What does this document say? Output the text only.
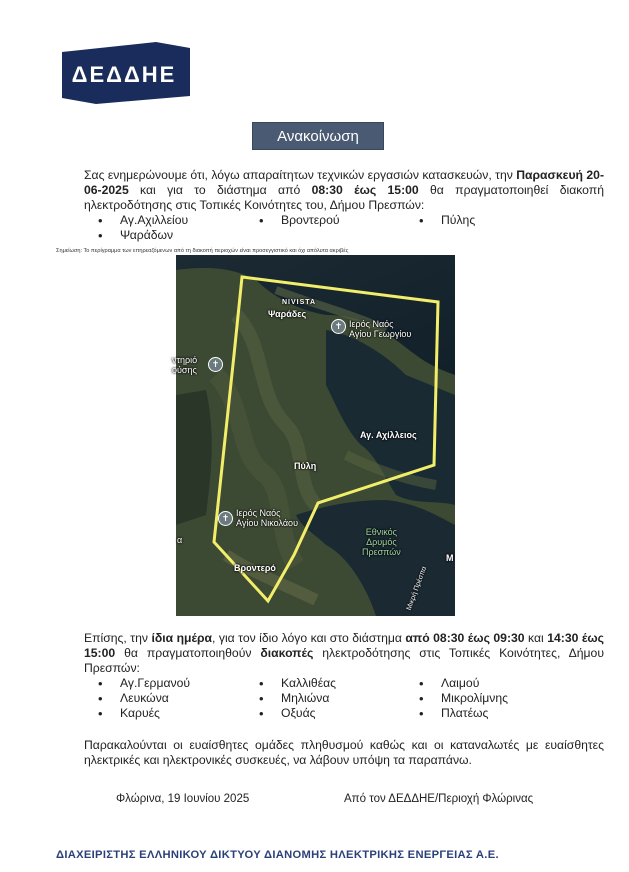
ΔΕΔΔΗΕ
Ανακοίνωση
Σας ενημερώνουμε ότι, λόγω απαραίτητων τεχνικών εργασιών κατασκευών, την Παρασκευή 20-06-2025 και για το διάστημα από 08:30 έως 15:00 θα πραγματοποιηθεί διακοπή ηλεκτροδότησης στις Τοπικές Κοινότητες του, Δήμου Πρεσπών:
• Αγ.Αχιλλείου	• Βροντερού	• Πύλης
• Ψαράδων
Σημείωση: Το περίγραμμα των επηρεαζόμενων από τη διακοπή περιοχών είναι προσεγγιστικό και όχι απόλυτα ακριβές
NIVISTA
Ψαράδες
✝ Ιερός Ναός
Αγίου Γεωργίου
ντηριό
ούσης
✝
Αγ. Αχίλλειος
Πύλη
✝ Ιερός Ναός
Αγίου Νικολάου
Εθνικός
Δρυμός
Πρεσπών
Βροντερό	Μικρή Πρέσπα
Μ
α
Επίσης, την ίδια ημέρα, για τον ίδιο λόγο και στο διάστημα από 08:30 έως 09:30 και 14:30 έως 15:00 θα πραγματοποιηθούν διακοπές ηλεκτροδότησης στις Τοπικές Κοινότητες, Δήμου Πρεσπών:
• Αγ.Γερμανού	• Καλλιθέας	• Λαιμού
• Λευκώνα	• Μηλιώνα	• Μικρολίμνης
• Καρυές	• Οξυάς	• Πλατέως
Παρακαλούνται οι ευαίσθητες ομάδες πληθυσμού καθώς και οι καταναλωτές με ευαίσθητες ηλεκτρικές και ηλεκτρονικές συσκευές, να λάβουν υπόψη τα παραπάνω.
Φλώρινα, 19 Ιουνίου 2025	Από τον ΔΕΔΔΗΕ/Περιοχή Φλώρινας
ΔΙΑΧΕΙΡΙΣΤΗΣ ΕΛΛΗΝΙΚΟΥ ΔΙΚΤΥΟΥ ΔΙΑΝΟΜΗΣ ΗΛΕΚΤΡΙΚΗΣ ΕΝΕΡΓΕΙΑΣ Α.Ε.
